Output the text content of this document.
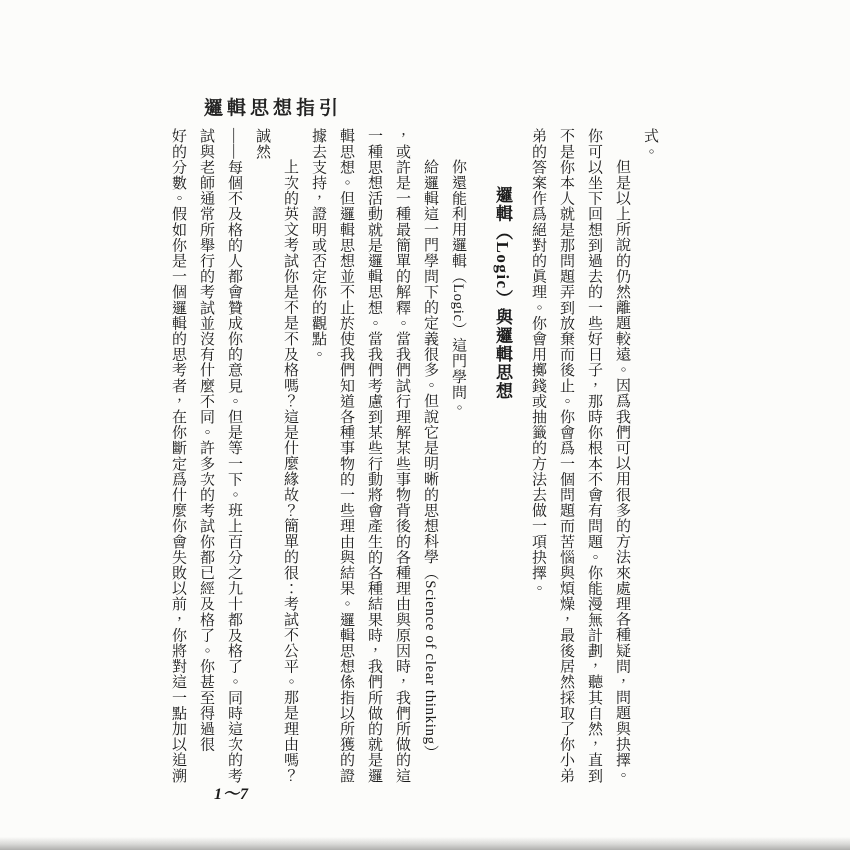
邏輯思想指引

式。

但是以上所說的仍然離題較遠。因爲我們可以用很多的方法來處理各種疑問，問題與抉擇。

你可以坐下回想到過去的一些好日子，那時你根本不會有問題。你能漫無計劃，聽其自然，直到

不是你本人就是那問題弄到放棄而後止。你會爲一個問題而苦惱與煩燥，最後居然採取了你小弟

弟的答案作爲絕對的眞理。你會用擲錢或抽籤的方法去做一項抉擇。

邏輯（Logic）與邏輯思想

你還能利用邏輯（Logic）這門學問。

給邏輯這一門學問下的定義很多。但說它是明晰的思想科學（Science of clear thinking）

，或許是一種最簡單的解釋。當我們試行理解某些事物背後的各種理由與原因時，我們所做的這

一種思想活動就是邏輯思想。當我們考慮到某些行動將會產生的各種結果時，我們所做的就是邏

輯思想。但邏輯思想並不止於使我們知道各種事物的一些理由與結果。邏輯思想係指以所獲的證

據去支持，證明或否定你的觀點。

上次的英文考試你是不是不及格嗎？這是什麼緣故？簡單的很：考試不公平。那是理由嗎？誠然

——每個不及格的人都會贊成你的意見。但是等一下。班上百分之九十都及格了。同時這次的考

試與老師通常所舉行的考試並沒有什麼不同。許多次的考試你都已經及格了。你甚至得過很

好的分數。假如你是一個邏輯的思考者，在你斷定爲什麼你會失敗以前，你將對這一點加以追溯

1～7
